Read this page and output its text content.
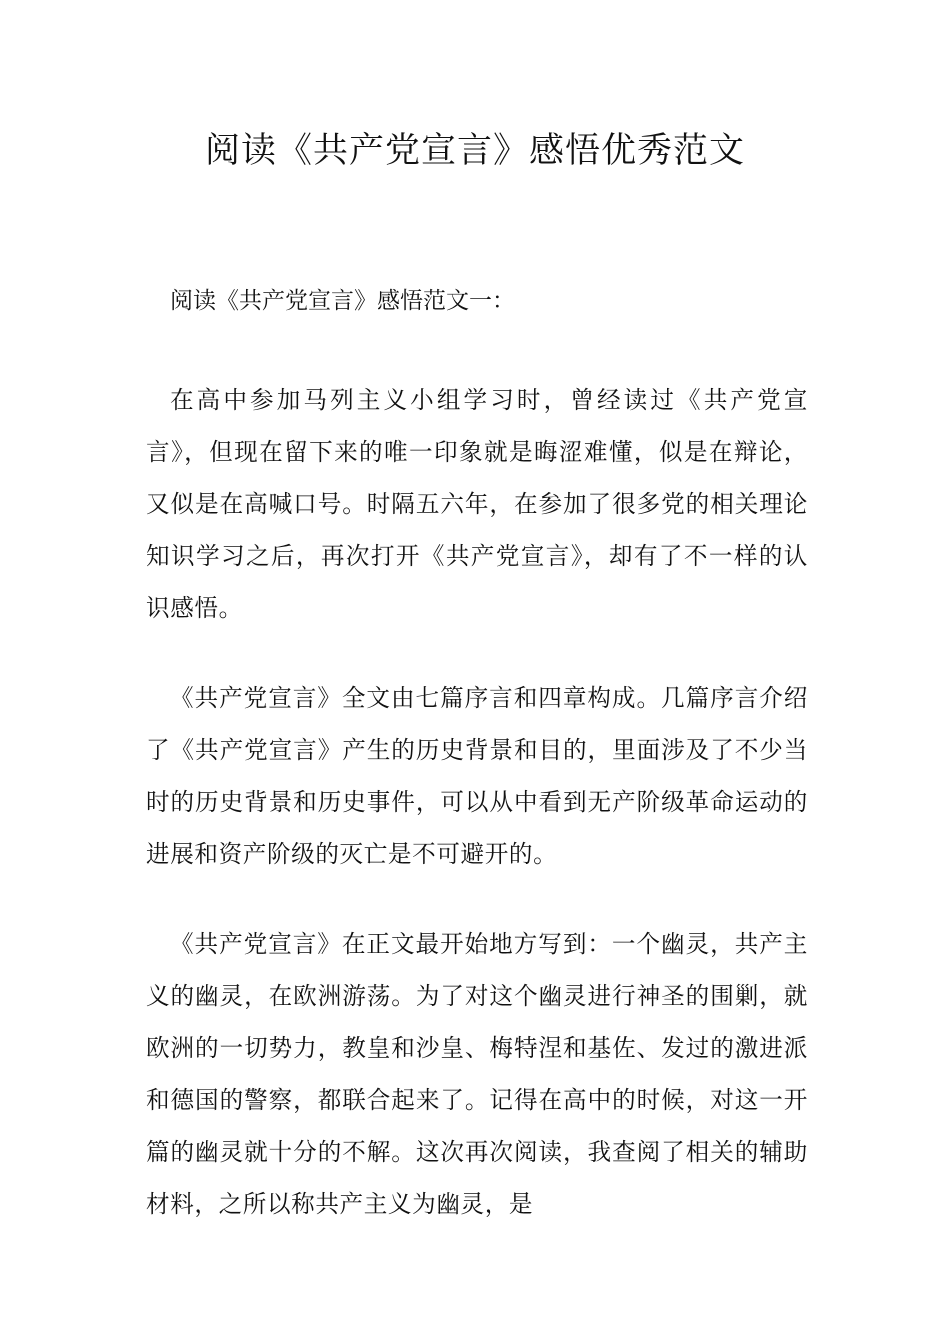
阅读《共产党宣言》感悟优秀范文

阅读《共产党宣言》感悟范文一：

在高中参加马列主义小组学习时，曾经读过《共产党宣言》，但现在留下来的唯一印象就是晦涩难懂，似是在辩论，又似是在高喊口号。时隔五六年，在参加了很多党的相关理论知识学习之后，再次打开《共产党宣言》，却有了不一样的认识感悟。

《共产党宣言》全文由七篇序言和四章构成。几篇序言介绍了《共产党宣言》产生的历史背景和目的，里面涉及了不少当时的历史背景和历史事件，可以从中看到无产阶级革命运动的进展和资产阶级的灭亡是不可避开的。

《共产党宣言》在正文最开始地方写到：一个幽灵，共产主义的幽灵，在欧洲游荡。为了对这个幽灵进行神圣的围剿，就欧洲的一切势力，教皇和沙皇、梅特涅和基佐、发过的激进派和德国的警察，都联合起来了。记得在高中的时候，对这一开篇的幽灵就十分的不解。这次再次阅读，我查阅了相关的辅助材料，之所以称共产主义为幽灵，是
